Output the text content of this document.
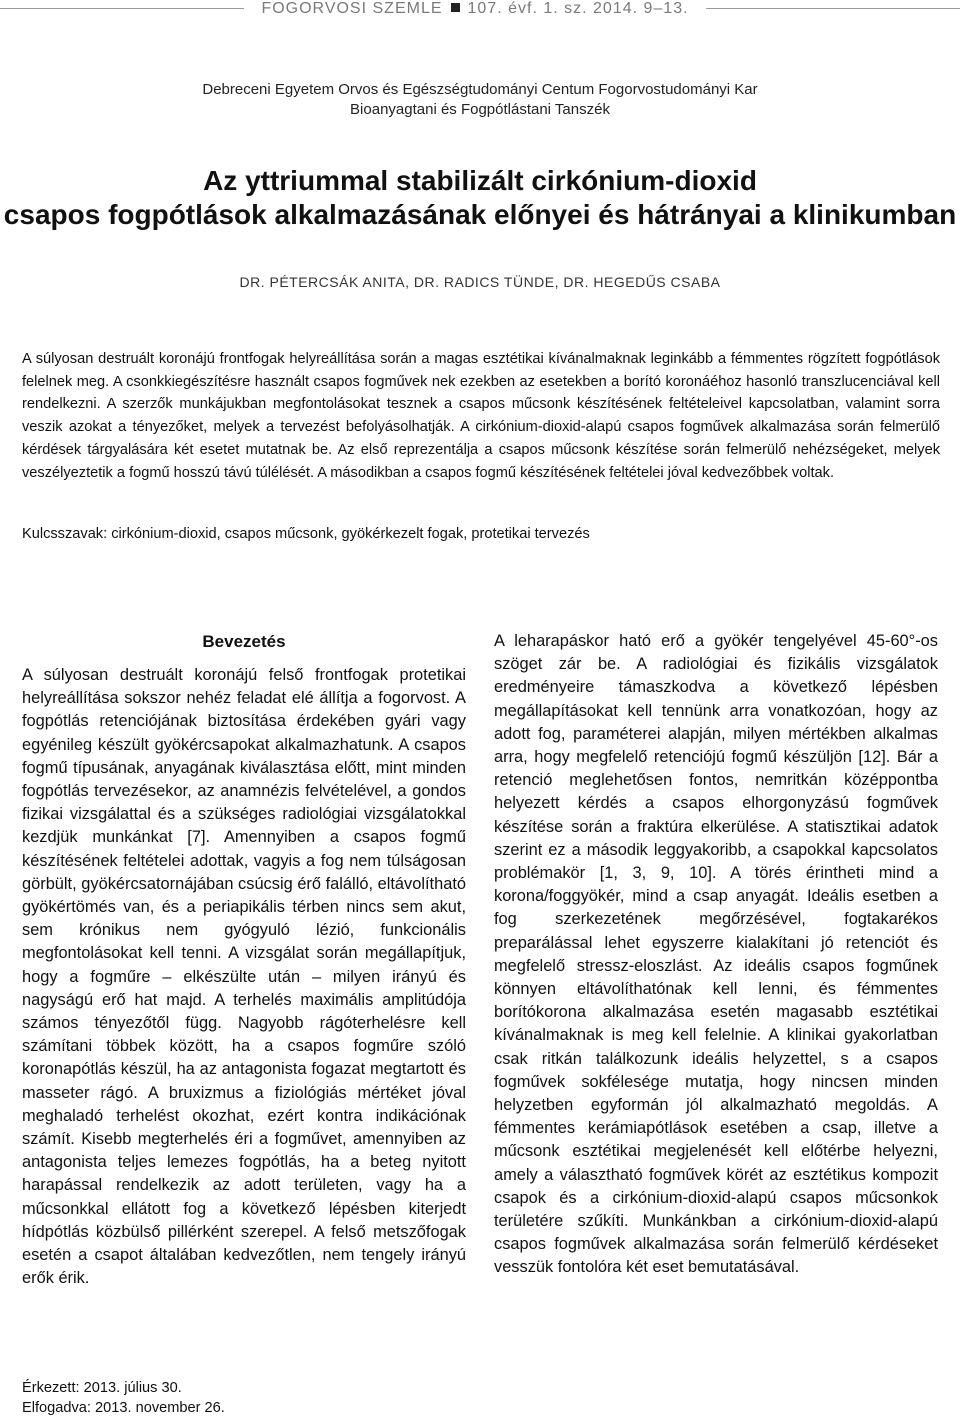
FOGORVOSI SZEMLE 107. évf. 1. sz. 2014. 9–13.
Debreceni Egyetem Orvos és Egészségtudományi Centum Fogorvostudományi Kar
Bioanyagtani és Fogpótlástani Tanszék
Az yttriummal stabilizált cirkónium-dioxid
csapos fogpótlások alkalmazásának előnyei és hátrányai a klinikumban
DR. PÉTERCSÁK ANITA, DR. RADICS TÜNDE, DR. HEGEDŰS CSABA

A súlyosan destruált koronájú frontfogak helyreállítása során a magas esztétikai kívánalmaknak leginkább a fémmentes rögzített fogpótlások felelnek meg. A csonkkiegészítésre használt csapos fogművek nek ezekben az esetekben a borító koronáéhoz hasonló transzlucenciával kell rendelkezni. A szerzők munkájukban megfontolásokat tesznek a csapos műcsonk készítésének feltételeivel kapcsolatban, valamint sorra veszik azokat a tényezőket, melyek a tervezést befolyásolhatják. A cirkónium-dioxid-alapú csapos fogművek alkalmazása során felmerülő kérdések tárgyalására két esetet mutatnak be. Az első reprezentálja a csapos műcsonk készítése során felmerülő nehézségeket, melyek veszélyeztetik a fogmű hosszú távú túlélését. A másodikban a csapos fogmű készítésének feltételei jóval kedvezőbbek voltak.

Kulcsszavak: cirkónium-dioxid, csapos műcsonk, gyökérkezelt fogak, protetikai tervezés

Bevezetés

A súlyosan destruált koronájú felső frontfogak protetikai helyreállítása sokszor nehéz feladat elé állítja a fogorvost. A fogpótlás retenciójának biztosítása érdekében gyári vagy egyénileg készült gyökércsapokat alkalmazhatunk. A csapos fogmű típusának, anyagának kiválasztása előtt, mint minden fogpótlás tervezésekor, az anamnézis felvételével, a gondos fizikai vizsgálattal és a szükséges radiológiai vizsgálatokkal kezdjük munkánkat [7]. Amennyiben a csapos fogmű készítésének feltételei adottak, vagyis a fog nem túlságosan görbült, gyökércsatornájában csúcsig érő falálló, eltávolítható gyökértömés van, és a periapikális térben nincs sem akut, sem krónikus nem gyógyuló lézió, funkcionális megfontolásokat kell tenni. A vizsgálat során megállapítjuk, hogy a fogműre – elkészülte után – milyen irányú és nagyságú erő hat majd. A terhelés maximális amplitúdója számos tényezőtől függ. Nagyobb rágóterhelésre kell számítani többek között, ha a csapos fogműre szóló koronapótlás készül, ha az antagonista fogazat megtartott és masseter rágó. A bruxizmus a fiziológiás mértéket jóval meghaladó terhelést okozhat, ezért kontra indikációnak számít. Kisebb megterhelés éri a fogművet, amennyiben az antagonista teljes lemezes fogpótlás, ha a beteg nyitott harapással rendelkezik az adott területen, vagy ha a műcsonkkal ellátott fog a következő lépésben kiterjedt hídpótlás közbülső pillérként szerepel. A felső metszőfogak esetén a csapot általában kedvezőtlen, nem tengely irányú erők érik.

A leharapáskor ható erő a gyökér tengelyével 45-60°-os szöget zár be. A radiológiai és fizikális vizsgálatok eredményeire támaszkodva a következő lépésben megállapításokat kell tennünk arra vonatkozóan, hogy az adott fog, paraméterei alapján, milyen mértékben alkalmas arra, hogy megfelelő retenciójú fogmű készüljön [12]. Bár a retenció meglehetősen fontos, nemritkán középpontba helyezett kérdés a csapos elhorgonyzású fogművek készítése során a fraktúra elkerülése. A statisztikai adatok szerint ez a második leggyakoribb, a csapokkal kapcsolatos problémakör [1, 3, 9, 10]. A törés érintheti mind a korona/foggyökér, mind a csap anyagát. Ideális esetben a fog szerkezetének megőrzésével, fogtakarékos preparálással lehet egyszerre kialakítani jó retenciót és megfelelő stressz-eloszlást. Az ideális csapos fogműnek könnyen eltávolíthatónak kell lenni, és fémmentes borítókorona alkalmazása esetén magasabb esztétikai kívánalmaknak is meg kell felelnie. A klinikai gyakorlatban csak ritkán találkozunk ideális helyzettel, s a csapos fogművek sokfélesége mutatja, hogy nincsen minden helyzetben egyformán jól alkalmazható megoldás. A fémmentes kerámiapótlások esetében a csap, illetve a műcsonk esztétikai megjelenését kell előtérbe helyezni, amely a választható fogművek körét az esztétikus kompozit csapok és a cirkónium-dioxid-alapú csapos műcsonkok területére szűkíti. Munkánkban a cirkónium-dioxid-alapú csapos fogművek alkalmazása során felmerülő kérdéseket vesszük fontolóra két eset bemutatásával.

Érkezett: 2013. július 30.
Elfogadva: 2013. november 26.
